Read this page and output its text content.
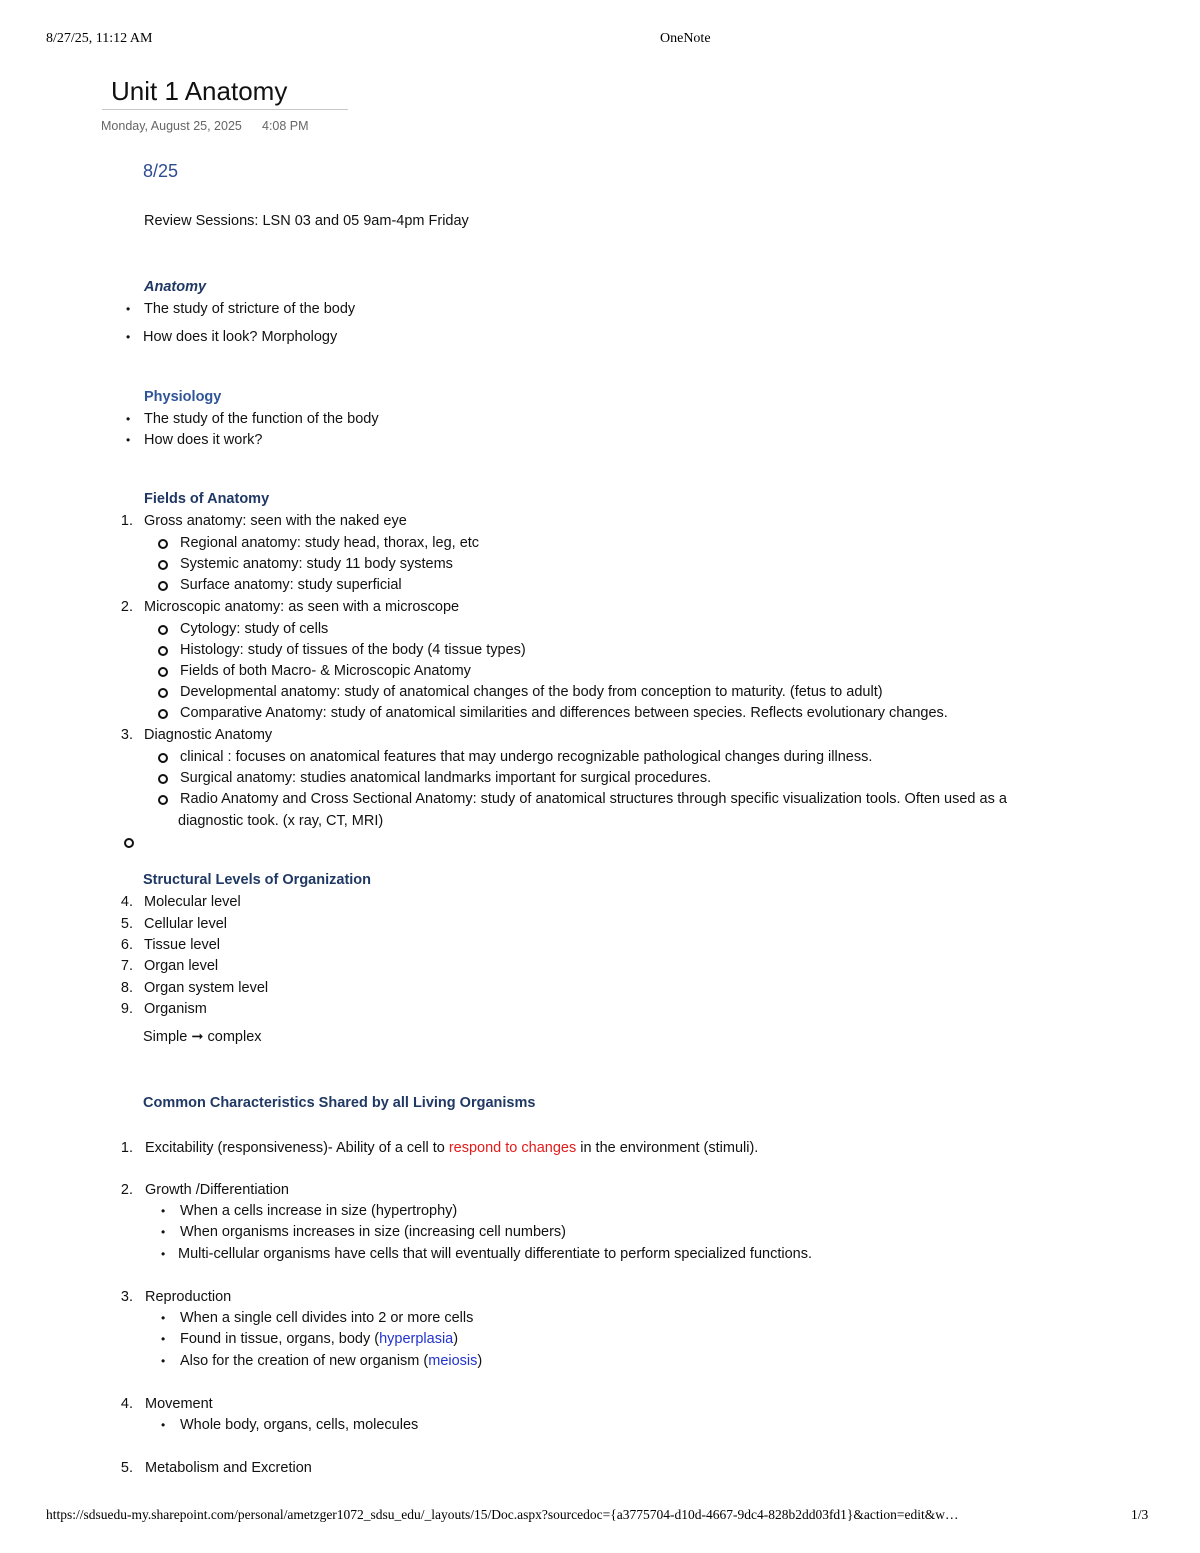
8/27/25, 11:12 AM	OneNote
Unit 1 Anatomy
Monday, August 25, 2025 4:08 PM
8/25
Review Sessions: LSN 03 and 05 9am-4pm Friday
Anatomy
• The study of stricture of the body
• How does it look? Morphology
Physiology
• The study of the function of the body
• How does it work?
Fields of Anatomy
1. Gross anatomy: seen with the naked eye
Regional anatomy: study head, thorax, leg, etc
Systemic anatomy: study 11 body systems
Surface anatomy: study superficial
2. Microscopic anatomy: as seen with a microscope
Cytology: study of cells
Histology: study of tissues of the body (4 tissue types)
Fields of both Macro- & Microscopic Anatomy
Developmental anatomy: study of anatomical changes of the body from conception to maturity. (fetus to adult)
Comparative Anatomy: study of anatomical similarities and differences between species. Reflects evolutionary changes.
3. Diagnostic Anatomy
clinical : focuses on anatomical features that may undergo recognizable pathological changes during illness.
Surgical anatomy: studies anatomical landmarks important for surgical procedures.
Radio Anatomy and Cross Sectional Anatomy: study of anatomical structures through specific visualization tools. Often used as a
diagnostic took. (x ray, CT, MRI)
Structural Levels of Organization
4. Molecular level
5. Cellular level
6. Tissue level
7. Organ level
8. Organ system level
9. Organism
Simple ➞ complex
Common Characteristics Shared by all Living Organisms
1. Excitability (responsiveness)- Ability of a cell to respond to changes in the environment (stimuli).
2. Growth /Differentiation
• When a cells increase in size (hypertrophy)
• When organisms increases in size (increasing cell numbers)
• Multi-cellular organisms have cells that will eventually differentiate to perform specialized functions.
3. Reproduction
• When a single cell divides into 2 or more cells
• Found in tissue, organs, body (hyperplasia)
• Also for the creation of new organism (meiosis)
4. Movement
• Whole body, organs, cells, molecules
5. Metabolism and Excretion
https://sdsuedu-my.sharepoint.com/personal/ametzger1072_sdsu_edu/_layouts/15/Doc.aspx?sourcedoc={a3775704-d10d-4667-9dc4-828b2dd03fd1}&action=edit&w…	1/3
